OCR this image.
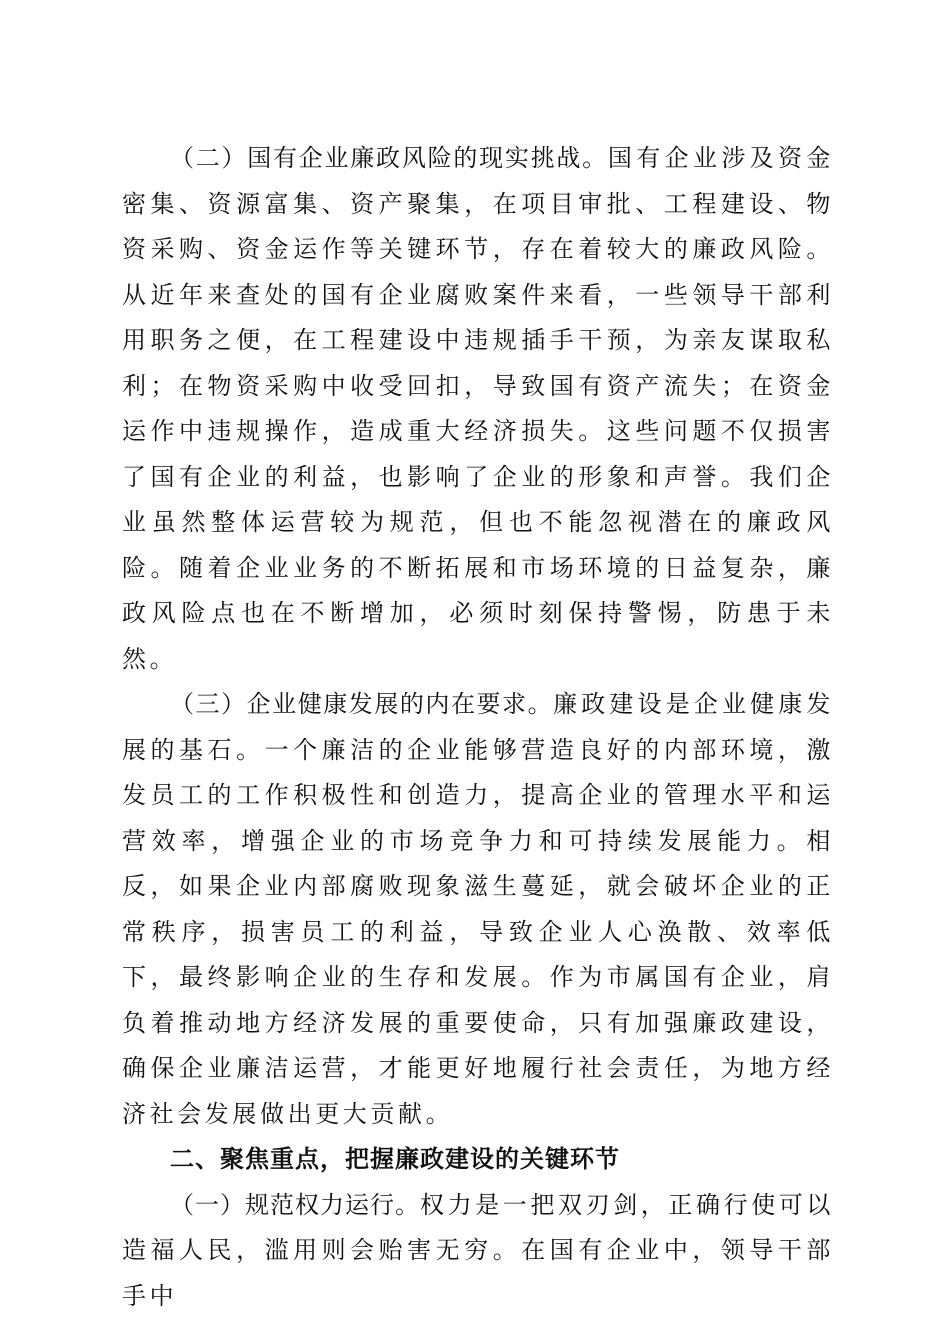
（二）国有企业廉政风险的现实挑战。国有企业涉及资金密集、资源富集、资产聚集，在项目审批、工程建设、物资采购、资金运作等关键环节，存在着较大的廉政风险。从近年来查处的国有企业腐败案件来看，一些领导干部利用职务之便，在工程建设中违规插手干预，为亲友谋取私利；在物资采购中收受回扣，导致国有资产流失；在资金运作中违规操作，造成重大经济损失。这些问题不仅损害了国有企业的利益，也影响了企业的形象和声誉。我们企业虽然整体运营较为规范，但也不能忽视潜在的廉政风险。随着企业业务的不断拓展和市场环境的日益复杂，廉政风险点也在不断增加，必须时刻保持警惕，防患于未然。

（三）企业健康发展的内在要求。廉政建设是企业健康发展的基石。一个廉洁的企业能够营造良好的内部环境，激发员工的工作积极性和创造力，提高企业的管理水平和运营效率，增强企业的市场竞争力和可持续发展能力。相反，如果企业内部腐败现象滋生蔓延，就会破坏企业的正常秩序，损害员工的利益，导致企业人心涣散、效率低下，最终影响企业的生存和发展。作为市属国有企业，肩负着推动地方经济发展的重要使命，只有加强廉政建设，确保企业廉洁运营，才能更好地履行社会责任，为地方经济社会发展做出更大贡献。

二、聚焦重点，把握廉政建设的关键环节

（一）规范权力运行。权力是一把双刃剑，正确行使可以造福人民，滥用则会贻害无穷。在国有企业中，领导干部手中
